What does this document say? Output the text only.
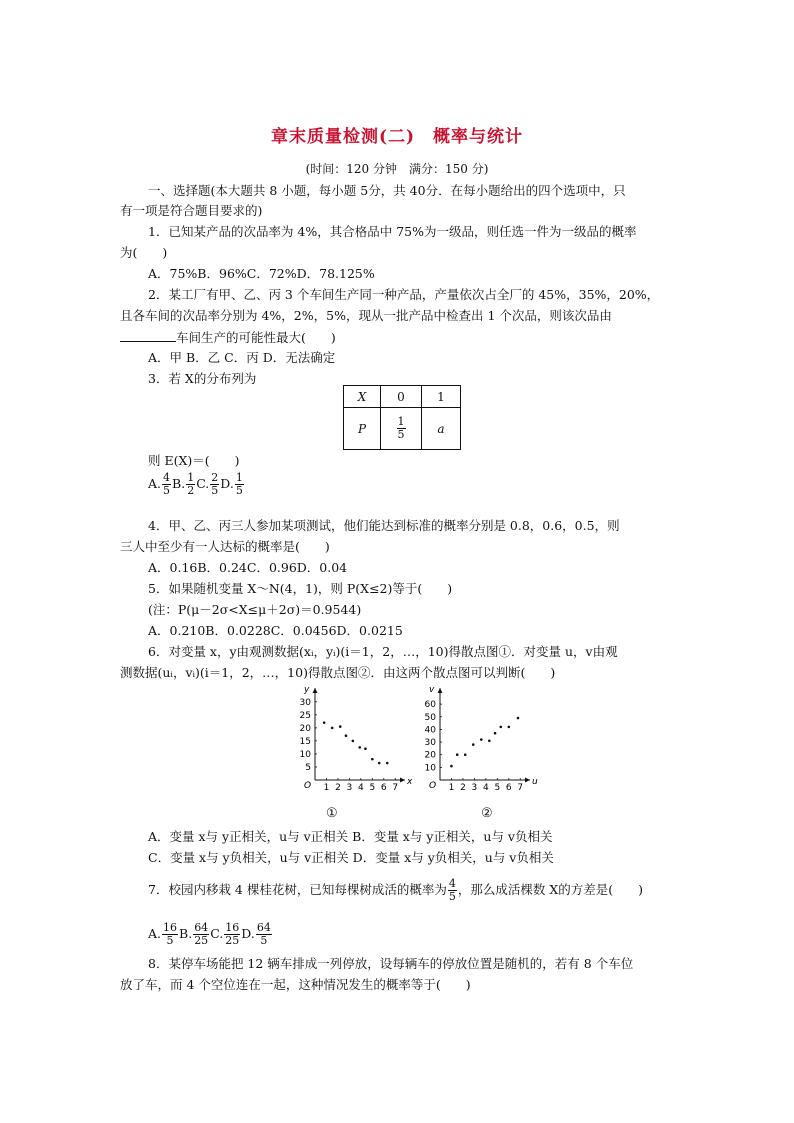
章末质量检测(二)　概率与统计
(时间：120 分钟　满分：150 分)
一、选择题(本大题共 8 小题，每小题 5分，共 40分．在每小题给出的四个选项中，只
有一项是符合题目要求的)
1．已知某产品的次品率为 4%，其合格品中 75%为一级品，则任选一件为一级品的概率
为(　　)
A．75%B．96%C．72%D．78.125%
2．某工厂有甲、乙、丙 3 个车间生产同一种产品，产量依次占全厂的 45%，35%，20%，
且各车间的次品率分别为 4%，2%，5%，现从一批产品中检查出 1 个次品，则该次品由
车间生产的可能性最大(　　)
A．甲 B．乙 C．丙 D．无法确定
3．若 X的分布列为
X	0	1
P	$\frac{1}{5}$	a
则 E(X)＝(　　)
A. $\frac{4}{5} B$. $\frac{1}{2} C$. $\frac{2}{5} D$. $\frac{1}{5}$
4．甲、乙、丙三人参加某项测试，他们能达到标准的概率分别是 0.8，0.6，0.5，则
三人中至少有一人达标的概率是(　　)
A．0.16B．0.24C．0.96D．0.04
5．如果随机变量 X～N(4，1)，则 P(X≤2)等于(　　)
(注：P(μ－2σ<X≤μ＋2σ)＝0.9544)
A．0.210B．0.0228C．0.0456D．0.0215
6．对变量 x，y由观测数据(xᵢ，yᵢ)(i＝1，2，…，10)得散点图①．对变量 u，v由观
测数据(uᵢ，vᵢ)(i＝1，2，…，10)得散点图②．由这两个散点图可以判断(　　)
x
y
O 1 2 3 4 5 6 7
5
10
15
20
25
30
u
v
O 1 2 3 4 5 6 7
10
20
30
40
50
60
①	②
A．变量 x与 y正相关，u与 v正相关 B．变量 x与 y正相关，u与 v负相关
C．变量 x与 y负相关，u与 v正相关 D．变量 x与 y负相关，u与 v负相关
7．校园内移栽 4 棵桂花树，已知每棵树成活的概率为 $\frac{4}{5}$ ，那么成活棵数 X的方差是(　　)
A. $\frac{16}{5} B$. $\frac{64}{25} C$. $\frac{16}{25} D$. $\frac{64}{5}$
8．某停车场能把 12 辆车排成一列停放，设每辆车的停放位置是随机的，若有 8 个车位
放了车，而 4 个空位连在一起，这种情况发生的概率等于(　　)
